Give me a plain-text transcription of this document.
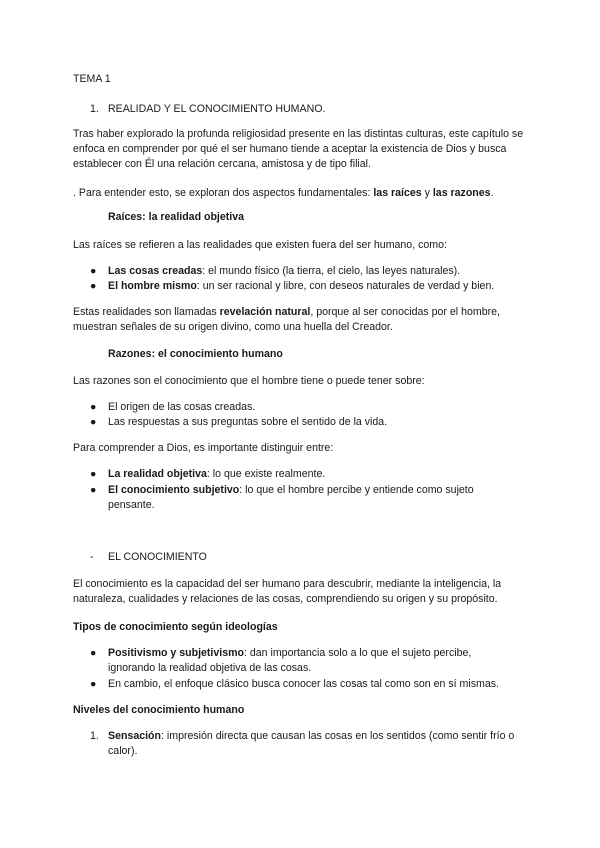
TEMA 1

1. REALIDAD Y EL CONOCIMIENTO HUMANO.

Tras haber explorado la profunda religiosidad presente en las distintas culturas, este capítulo se enfoca en comprender por qué el ser humano tiende a aceptar la existencia de Dios y busca establecer con Él una relación cercana, amistosa y de tipo filial.

. Para entender esto, se exploran dos aspectos fundamentales: las raíces y las razones.

Raíces: la realidad objetiva

Las raíces se refieren a las realidades que existen fuera del ser humano, como:

●	Las cosas creadas: el mundo físico (la tierra, el cielo, las leyes naturales).

●	El hombre mismo: un ser racional y libre, con deseos naturales de verdad y bien.

Estas realidades son llamadas revelación natural, porque al ser conocidas por el hombre, muestran señales de su origen divino, como una huella del Creador.

Razones: el conocimiento humano

Las razones son el conocimiento que el hombre tiene o puede tener sobre:

●	El origen de las cosas creadas.

●	Las respuestas a sus preguntas sobre el sentido de la vida.

Para comprender a Dios, es importante distinguir entre:

●	La realidad objetiva: lo que existe realmente.

●	El conocimiento subjetivo: lo que el hombre percibe y entiende como sujeto pensante.

-	EL CONOCIMIENTO

El conocimiento es la capacidad del ser humano para descubrir, mediante la inteligencia, la naturaleza, cualidades y relaciones de las cosas, comprendiendo su origen y su propósito.

Tipos de conocimiento según ideologías

●	Positivismo y subjetivismo: dan importancia solo a lo que el sujeto percibe, ignorando la realidad objetiva de las cosas.

●	En cambio, el enfoque clásico busca conocer las cosas tal como son en sí mismas.

Niveles del conocimiento humano

1. Sensación: impresión directa que causan las cosas en los sentidos (como sentir frío o calor).
